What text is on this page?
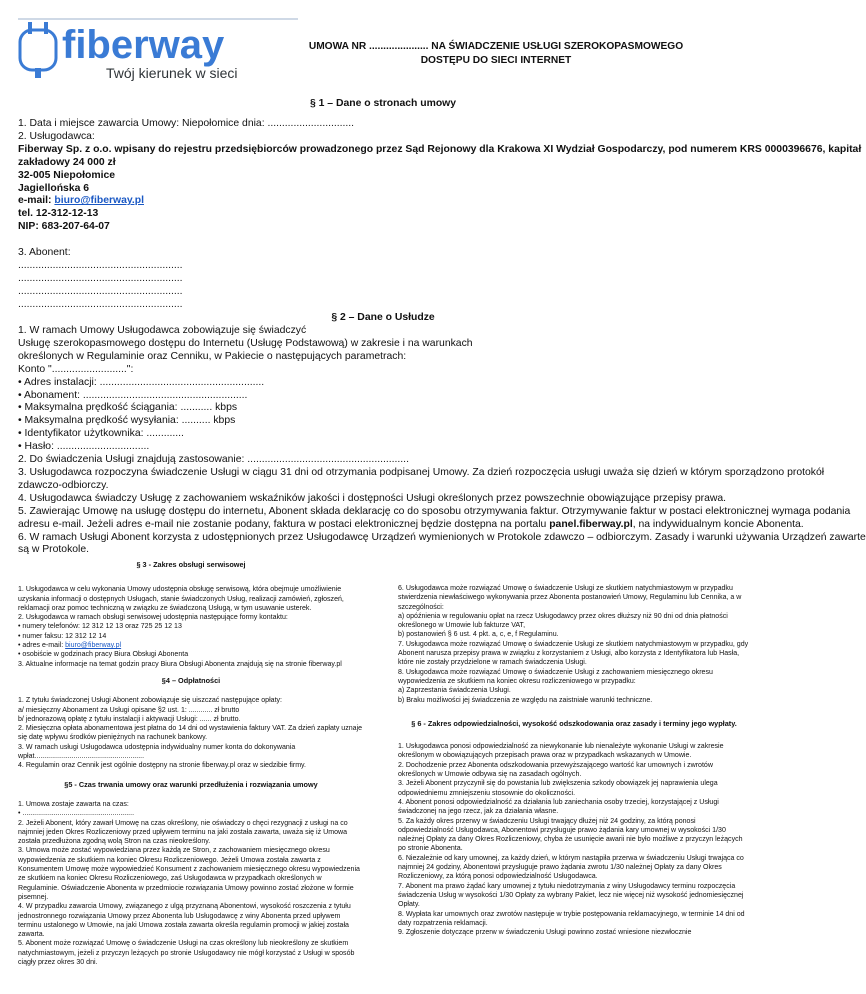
fiberway
Twój kierunek w sieci
UMOWA NR ..................... NA ŚWIADCZENIE USŁUGI SZEROKOPASMOWEGO
DOSTĘPU DO SIECI INTERNET
§ 1 – Dane o stronach umowy
1. Data i miejsce zawarcia Umowy: Niepołomice dnia: ..............................
2. Usługodawca:
Fiberway Sp. z o.o. wpisany do rejestru przedsiębiorców prowadzonego przez Sąd Rejonowy dla Krakowa XI Wydział Gospodarczy, pod numerem KRS 0000396676, kapitał
zakładowy 24 000 zł
32-005 Niepołomice
Jagiellońska 6
e-mail: biuro@fiberway.pl
tel. 12-312-12-13
NIP: 683-207-64-07
3. Abonent:
.........................................................
.........................................................
.........................................................
.........................................................
§ 2 – Dane o Usłudze
1. W ramach Umowy Usługodawca zobowiązuje się świadczyć
Usługę szerokopasmowego dostępu do Internetu (Usługę Podstawową) w zakresie i na warunkach
określonych w Regulaminie oraz Cenniku, w Pakiecie o następujących parametrach:
Konto "..........................":
• Adres instalacji: .........................................................
• Abonament: .........................................................
• Maksymalna prędkość ściągania: ........... kbps
• Maksymalna prędkość wysyłania: .......... kbps
• Identyfikator użytkownika: .............
• Hasło: ................................
2. Do świadczenia Usługi znajdują zastosowanie: ........................................................
3. Usługodawca rozpoczyna świadczenie Usługi w ciągu 31 dni od otrzymania podpisanej Umowy. Za dzień rozpoczęcia usługi uważa się dzień w którym sporządzono protokół
zdawczo-odbiorczy.
4. Usługodawca świadczy Usługę z zachowaniem wskaźników jakości i dostępności Usługi określonych przez powszechnie obowiązujące przepisy prawa.
5. Zawierając Umowę na usługę dostępu do internetu, Abonent składa deklarację co do sposobu otrzymywania faktur. Otrzymywanie faktur w postaci elektronicznej wymaga podania
adresu e-mail. Jeżeli adres e-mail nie zostanie podany, faktura w postaci elektronicznej będzie dostępna na portalu panel.fiberway.pl, na indywidualnym koncie Abonenta.
6. W ramach Usługi Abonent korzysta z udostępnionych przez Usługodawcę Urządzeń wymienionych w Protokole zdawczo – odbiorczym. Zasady i warunki używania Urządzeń zawarte
są w Protokole.
§ 3 - Zakres obsługi serwisowej
1. Usługodawca w celu wykonania Umowy udostępnia obsługę serwisową, która obejmuje umożliwienie uzyskania informacji o dostępnych Usługach, stanie świadczonych Usług, realizacji zamówień, zgłoszeń, reklamacji oraz pomoc techniczną w związku ze świadczoną Usługą, w tym usuwanie usterek.
2. Usługodawca w ramach obsługi serwisowej udostępnia następujące formy kontaktu:
• numery telefonów: 12 312 12 13 oraz 725 25 12 13
• numer faksu: 12 312 12 14
• adres e-mail: biuro@fiberway.pl
• osobiście w godzinach pracy Biura Obsługi Abonenta
3. Aktualne informacje na temat godzin pracy Biura Obsługi Abonenta znajdują się na stronie fiberway.pl
§4 – Odpłatności
1. Z tytułu świadczonej Usługi Abonent zobowiązuje się uiszczać następujące opłaty:
a/ miesięczny Abonament za Usługi opisane §2 ust. 1: ............ zł brutto
b/ jednorazową opłatę z tytułu instalacji i aktywacji Usługi: ...... zł brutto.
2. Miesięczna opłata abonamentowa jest płatna do 14 dni od wystawienia faktury VAT. Za dzień zapłaty uznaje się datę wpływu środków pieniężnych na rachunek bankowy.
3. W ramach usługi Usługodawca udostępnia indywidualny numer konta do dokonywania wpłat........................................................
4. Regulamin oraz Cennik jest ogólnie dostępny na stronie fiberway.pl oraz w siedzibie firmy.
§5 - Czas trwania umowy oraz warunki przedłużenia i rozwiązania umowy
1. Umowa zostaje zawarta na czas:
• .........................................................
2. Jeżeli Abonent, który zawarł Umowę na czas określony, nie oświadczy o chęci rezygnacji z usługi na co najmniej jeden Okres Rozliczeniowy przed upływem terminu na jaki została zawarta, uważa się iż Umowa została przedłużona zgodną wolą Stron na czas nieokreślony.
3. Umowa może zostać wypowiedziana przez każdą ze Stron, z zachowaniem miesięcznego okresu wypowiedzenia ze skutkiem na koniec Okresu Rozliczeniowego. Jeżeli Umowa została zawarta z Konsumentem Umowę może wypowiedzieć Konsument z zachowaniem miesięcznego okresu wypowiedzenia ze skutkiem na koniec Okresu Rozliczeniowego, zaś Usługodawca w przypadkach określonych w Regulaminie. Oświadczenie Abonenta w przedmiocie rozwiązania Umowy powinno zostać złożone w formie pisemnej.
4. W przypadku zawarcia Umowy, związanego z ulgą przyznaną Abonentowi, wysokość roszczenia z tytułu jednostronnego rozwiązania Umowy przez Abonenta lub Usługodawcę z winy Abonenta przed upływem terminu ustalonego w Umowie, na jaki Umowa została zawarta określa regulamin promocji w jakiej została zawarta.
5. Abonent może rozwiązać Umowę o świadczenie Usługi na czas określony lub nieokreślony ze skutkiem natychmiastowym, jeżeli z przyczyn leżących po stronie Usługodawcy nie mógł korzystać z Usługi w sposób ciągły przez okres 30 dni.
6. Usługodawca może rozwiązać Umowę o świadczenie Usługi ze skutkiem natychmiastowym w przypadku stwierdzenia niewłaściwego wykonywania przez Abonenta postanowień Umowy, Regulaminu lub Cennika, a w szczególności:
a) opóźnienia w regulowaniu opłat na rzecz Usługodawcy przez okres dłuższy niż 90 dni od dnia płatności określonego w Umowie lub fakturze VAT,
b) postanowień § 6 ust. 4 pkt. a, c, e, f Regulaminu.
7. Usługodawca może rozwiązać Umowę o świadczenie Usługi ze skutkiem natychmiastowym w przypadku, gdy Abonent narusza przepisy prawa w związku z korzystaniem z Usługi, albo korzysta z Identyfikatora lub Hasła, które nie zostały przydzielone w ramach świadczenia Usługi.
8. Usługodawca może rozwiązać Umowę o świadczenie Usługi z zachowaniem miesięcznego okresu wypowiedzenia ze skutkiem na koniec okresu rozliczeniowego w przypadku:
a) Zaprzestania świadczenia Usługi.
b) Braku możliwości jej świadczenia ze względu na zaistniałe warunki techniczne.
§ 6 - Zakres odpowiedzialności, wysokość odszkodowania oraz zasady i terminy jego wypłaty.
1. Usługodawca ponosi odpowiedzialność za niewykonanie lub nienależyte wykonanie Usługi w zakresie określonym w obowiązujących przepisach prawa oraz w przypadkach wskazanych w Umowie.
2. Dochodzenie przez Abonenta odszkodowania przewyższającego wartość kar umownych i zwrotów określonych w Umowie odbywa się na zasadach ogólnych.
3. Jeżeli Abonent przyczynił się do powstania lub zwiększenia szkody obowiązek jej naprawienia ulega odpowiedniemu zmniejszeniu stosownie do okoliczności.
4. Abonent ponosi odpowiedzialność za działania lub zaniechania osoby trzeciej, korzystającej z Usługi świadczonej na jego rzecz, jak za działania własne.
5. Za każdy okres przerwy w świadczeniu Usługi trwający dłużej niż 24 godziny, za którą ponosi odpowiedzialność Usługodawca, Abonentowi przysługuje prawo żądania kary umownej w wysokości 1/30 należnej Opłaty za dany Okres Rozliczeniowy, chyba że usunięcie awarii nie było możliwe z przyczyn leżących po stronie Abonenta.
6. Niezależnie od kary umownej, za każdy dzień, w którym nastąpiła przerwa w świadczeniu Usługi trwająca co najmniej 24 godziny, Abonentowi przysługuje prawo żądania zwrotu 1/30 należnej Opłaty za dany Okres Rozliczeniowy, za którą ponosi odpowiedzialność Usługodawca.
7. Abonent ma prawo żądać kary umownej z tytułu niedotrzymania z winy Usługodawcy terminu rozpoczęcia świadczenia Usług w wysokości 1/30 Opłaty za wybrany Pakiet, lecz nie więcej niż wysokość jednomiesięcznej Opłaty.
8. Wypłata kar umownych oraz zwrotów następuje w trybie postępowania reklamacyjnego, w terminie 14 dni od daty rozpatrzenia reklamacji.
9. Zgłoszenie dotyczące przerw w świadczeniu Usługi powinno zostać wniesione niezwłocznie
